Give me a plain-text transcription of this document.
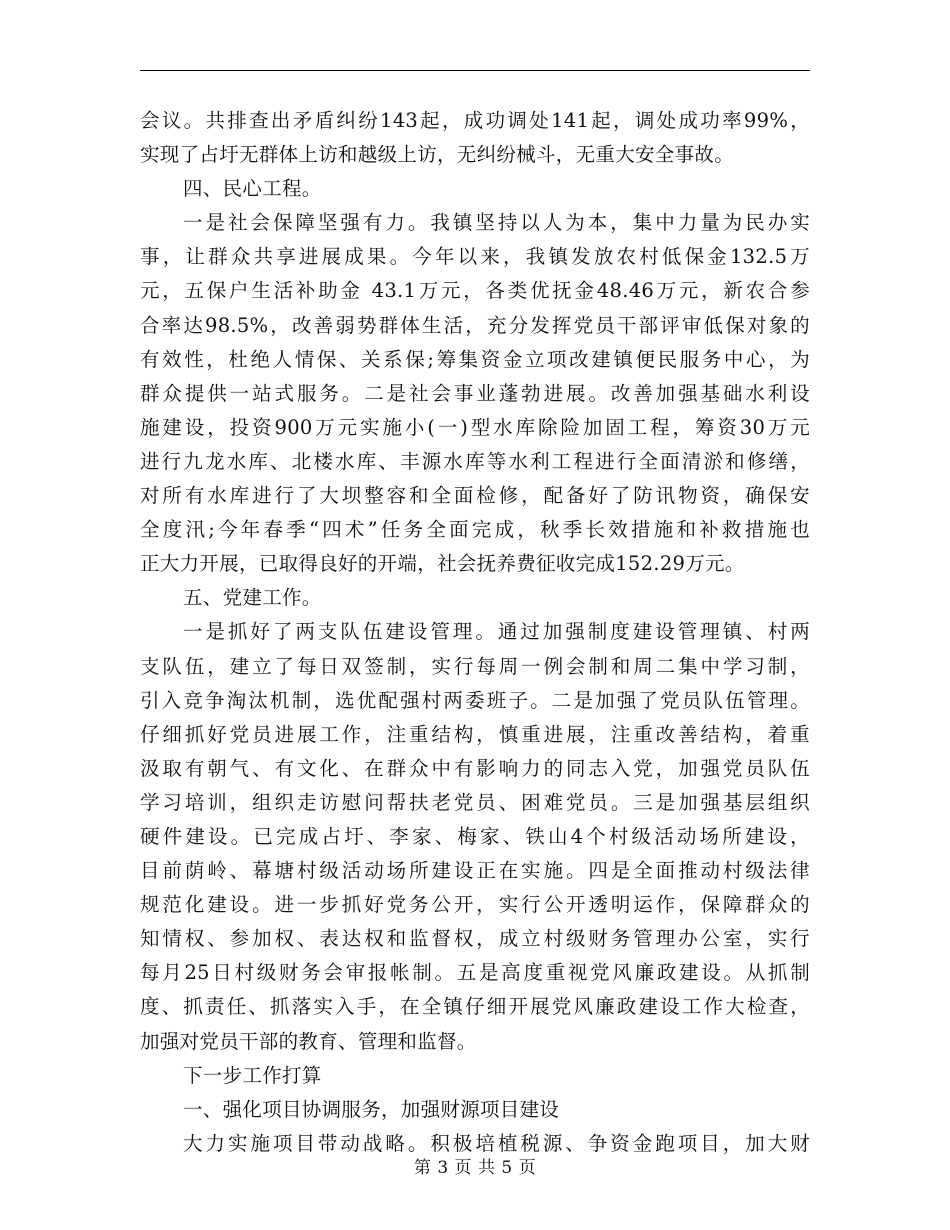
会议。共排查出矛盾纠纷143起，成功调处141起，调处成功率99%，
实现了占圩无群体上访和越级上访，无纠纷械斗，无重大安全事故。
四、民心工程。
一是社会保障坚强有力。我镇坚持以人为本，集中力量为民办实
事，让群众共享进展成果。今年以来，我镇发放农村低保金132.5万
元，五保户生活补助金 43.1万元，各类优抚金48.46万元，新农合参
合率达98.5%，改善弱势群体生活，充分发挥党员干部评审低保对象的
有效性，杜绝人情保、关系保;筹集资金立项改建镇便民服务中心，为
群众提供一站式服务。二是社会事业蓬勃进展。改善加强基础水利设
施建设，投资900万元实施小(一)型水库除险加固工程，筹资30万元
进行九龙水库、北楼水库、丰源水库等水利工程进行全面清淤和修缮，
对所有水库进行了大坝整容和全面检修，配备好了防讯物资，确保安
全度汛;今年春季“四术”任务全面完成，秋季长效措施和补救措施也
正大力开展，已取得良好的开端，社会抚养费征收完成152.29万元。
五、党建工作。
一是抓好了两支队伍建设管理。通过加强制度建设管理镇、村两
支队伍，建立了每日双签制，实行每周一例会制和周二集中学习制，
引入竞争淘汰机制，选优配强村两委班子。二是加强了党员队伍管理。
仔细抓好党员进展工作，注重结构，慎重进展，注重改善结构，着重
汲取有朝气、有文化、在群众中有影响力的同志入党，加强党员队伍
学习培训，组织走访慰问帮扶老党员、困难党员。三是加强基层组织
硬件建设。已完成占圩、李家、梅家、铁山4个村级活动场所建设，
目前荫岭、幕塘村级活动场所建设正在实施。四是全面推动村级法律
规范化建设。进一步抓好党务公开，实行公开透明运作，保障群众的
知情权、参加权、表达权和监督权，成立村级财务管理办公室，实行
每月25日村级财务会审报帐制。五是高度重视党风廉政建设。从抓制
度、抓责任、抓落实入手，在全镇仔细开展党风廉政建设工作大检查，
加强对党员干部的教育、管理和监督。
下一步工作打算
一、强化项目协调服务，加强财源项目建设
大力实施项目带动战略。积极培植税源、争资金跑项目，加大财
第 3 页 共 5 页
